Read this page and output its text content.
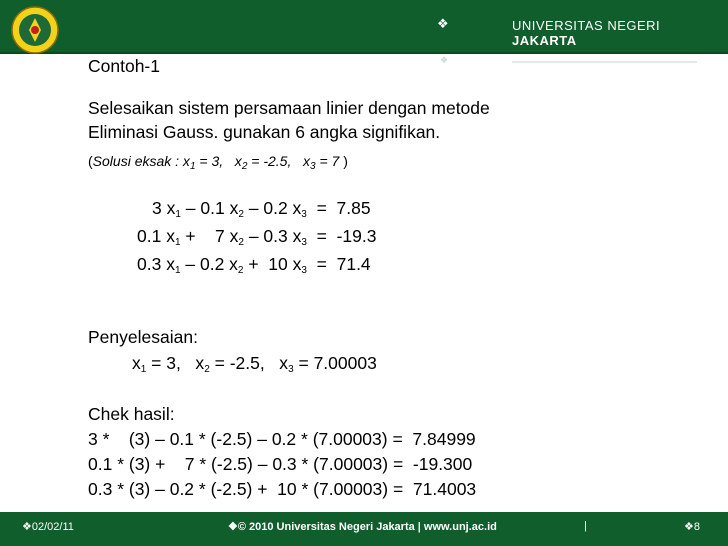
❖	UNIVERSITAS NEGERI JAKARTA
❖
Contoh-1
Selesaikan sistem persamaan linier dengan metode
Eliminasi Gauss. gunakan 6 angka signifikan.
(Solusi eksak : $x_1 = 3$,   $x_2 = -2.5$,   $x_3 = 7$ )
3 $x_1 - 0.1$ $x_2 - 0.2$ $x_3 = 7.85$
0.1 $x_1$ +    7 $x_2 - 0.3$ $x_3 = -19.3$
0.3 $x_1 - 0.2$ $x_2 + 10$ $x_3 = 71.4$
Penyelesaian:
$x_1 = 3$,   $x_2 = -2.5$,   $x_3 = 7.00003$
Chek hasil:
3 *    (3) – 0.1 * (-2.5) – 0.2 * (7.00003) =  7.84999
0.1 * (3) +    7 * (-2.5) – 0.3 * (7.00003) =  -19.300
0.3 * (3) – 0.2 * (-2.5) +  10 * (7.00003) =  71.4003
❖02/02/11	❖© 2010 Universitas Negeri Jakarta | www.unj.ac.id	|	❖8
